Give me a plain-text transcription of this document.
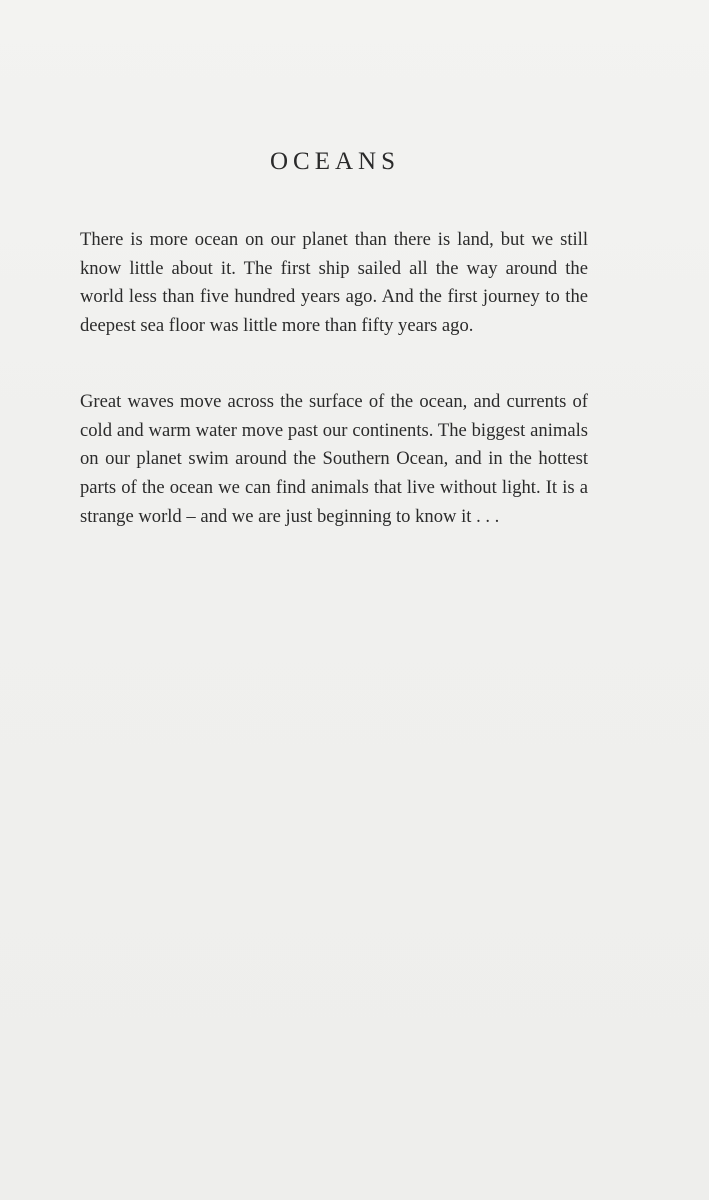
OCEANS

There is more ocean on our planet than there is land, but we still know little about it. The first ship sailed all the way around the world less than five hundred years ago. And the first journey to the deepest sea floor was little more than fifty years ago.

Great waves move across the surface of the ocean, and currents of cold and warm water move past our continents. The biggest animals on our planet swim around the Southern Ocean, and in the hottest parts of the ocean we can find animals that live without light. It is a strange world – and we are just beginning to know it . . .
